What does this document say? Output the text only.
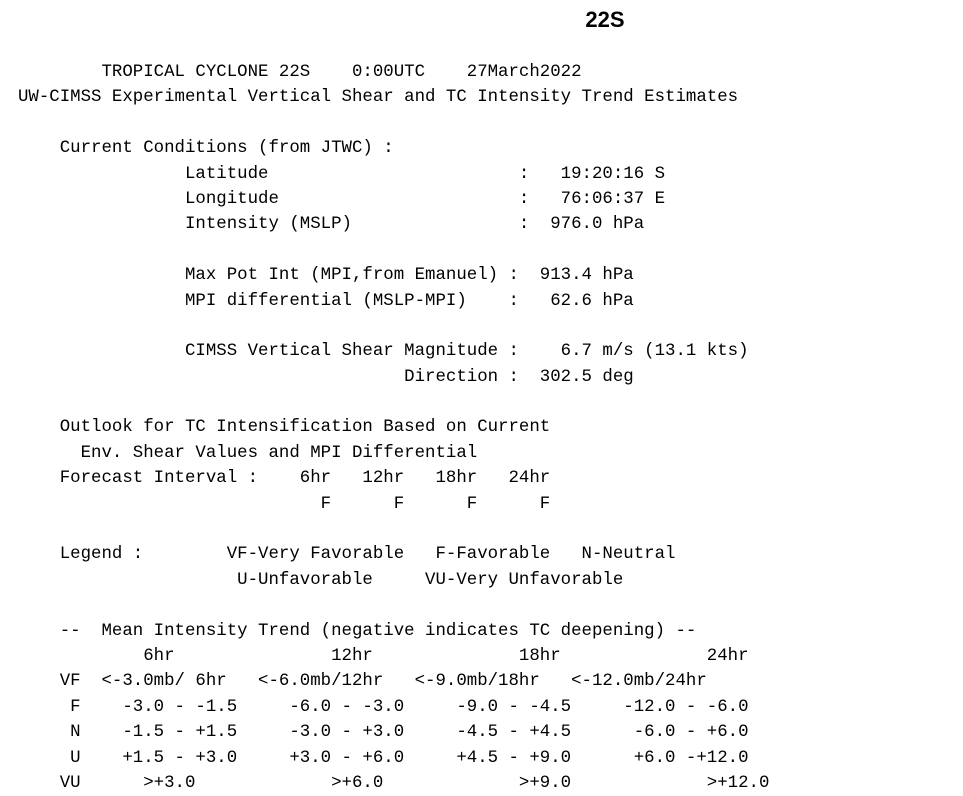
22S
TROPICAL CYCLONE 22S    0:00UTC    27March2022
UW-CIMSS Experimental Vertical Shear and TC Intensity Trend Estimates
Current Conditions (from JTWC) :
Latitude                        :   19:20:16 S
Longitude                       :   76:06:37 E
Intensity (MSLP)                :  976.0 hPa
Max Pot Int (MPI,from Emanuel) :  913.4 hPa
MPI differential (MSLP-MPI)    :   62.6 hPa
CIMSS Vertical Shear Magnitude :    6.7 m/s (13.1 kts)
Direction :  302.5 deg
Outlook for TC Intensification Based on Current
Env. Shear Values and MPI Differential
Forecast Interval :    6hr   12hr   18hr   24hr
F      F      F      F
Legend :        VF-Very Favorable   F-Favorable   N-Neutral
U-Unfavorable     VU-Very Unfavorable
--  Mean Intensity Trend (negative indicates TC deepening) --
6hr               12hr              18hr              24hr
VF  <-3.0mb/ 6hr   <-6.0mb/12hr   <-9.0mb/18hr   <-12.0mb/24hr
F    -3.0 - -1.5     -6.0 - -3.0     -9.0 - -4.5     -12.0 - -6.0
N    -1.5 - +1.5     -3.0 - +3.0     -4.5 - +4.5      -6.0 - +6.0
U    +1.5 - +3.0     +3.0 - +6.0     +4.5 - +9.0      +6.0 -+12.0
VU      >+3.0             >+6.0             >+9.0             >+12.0
